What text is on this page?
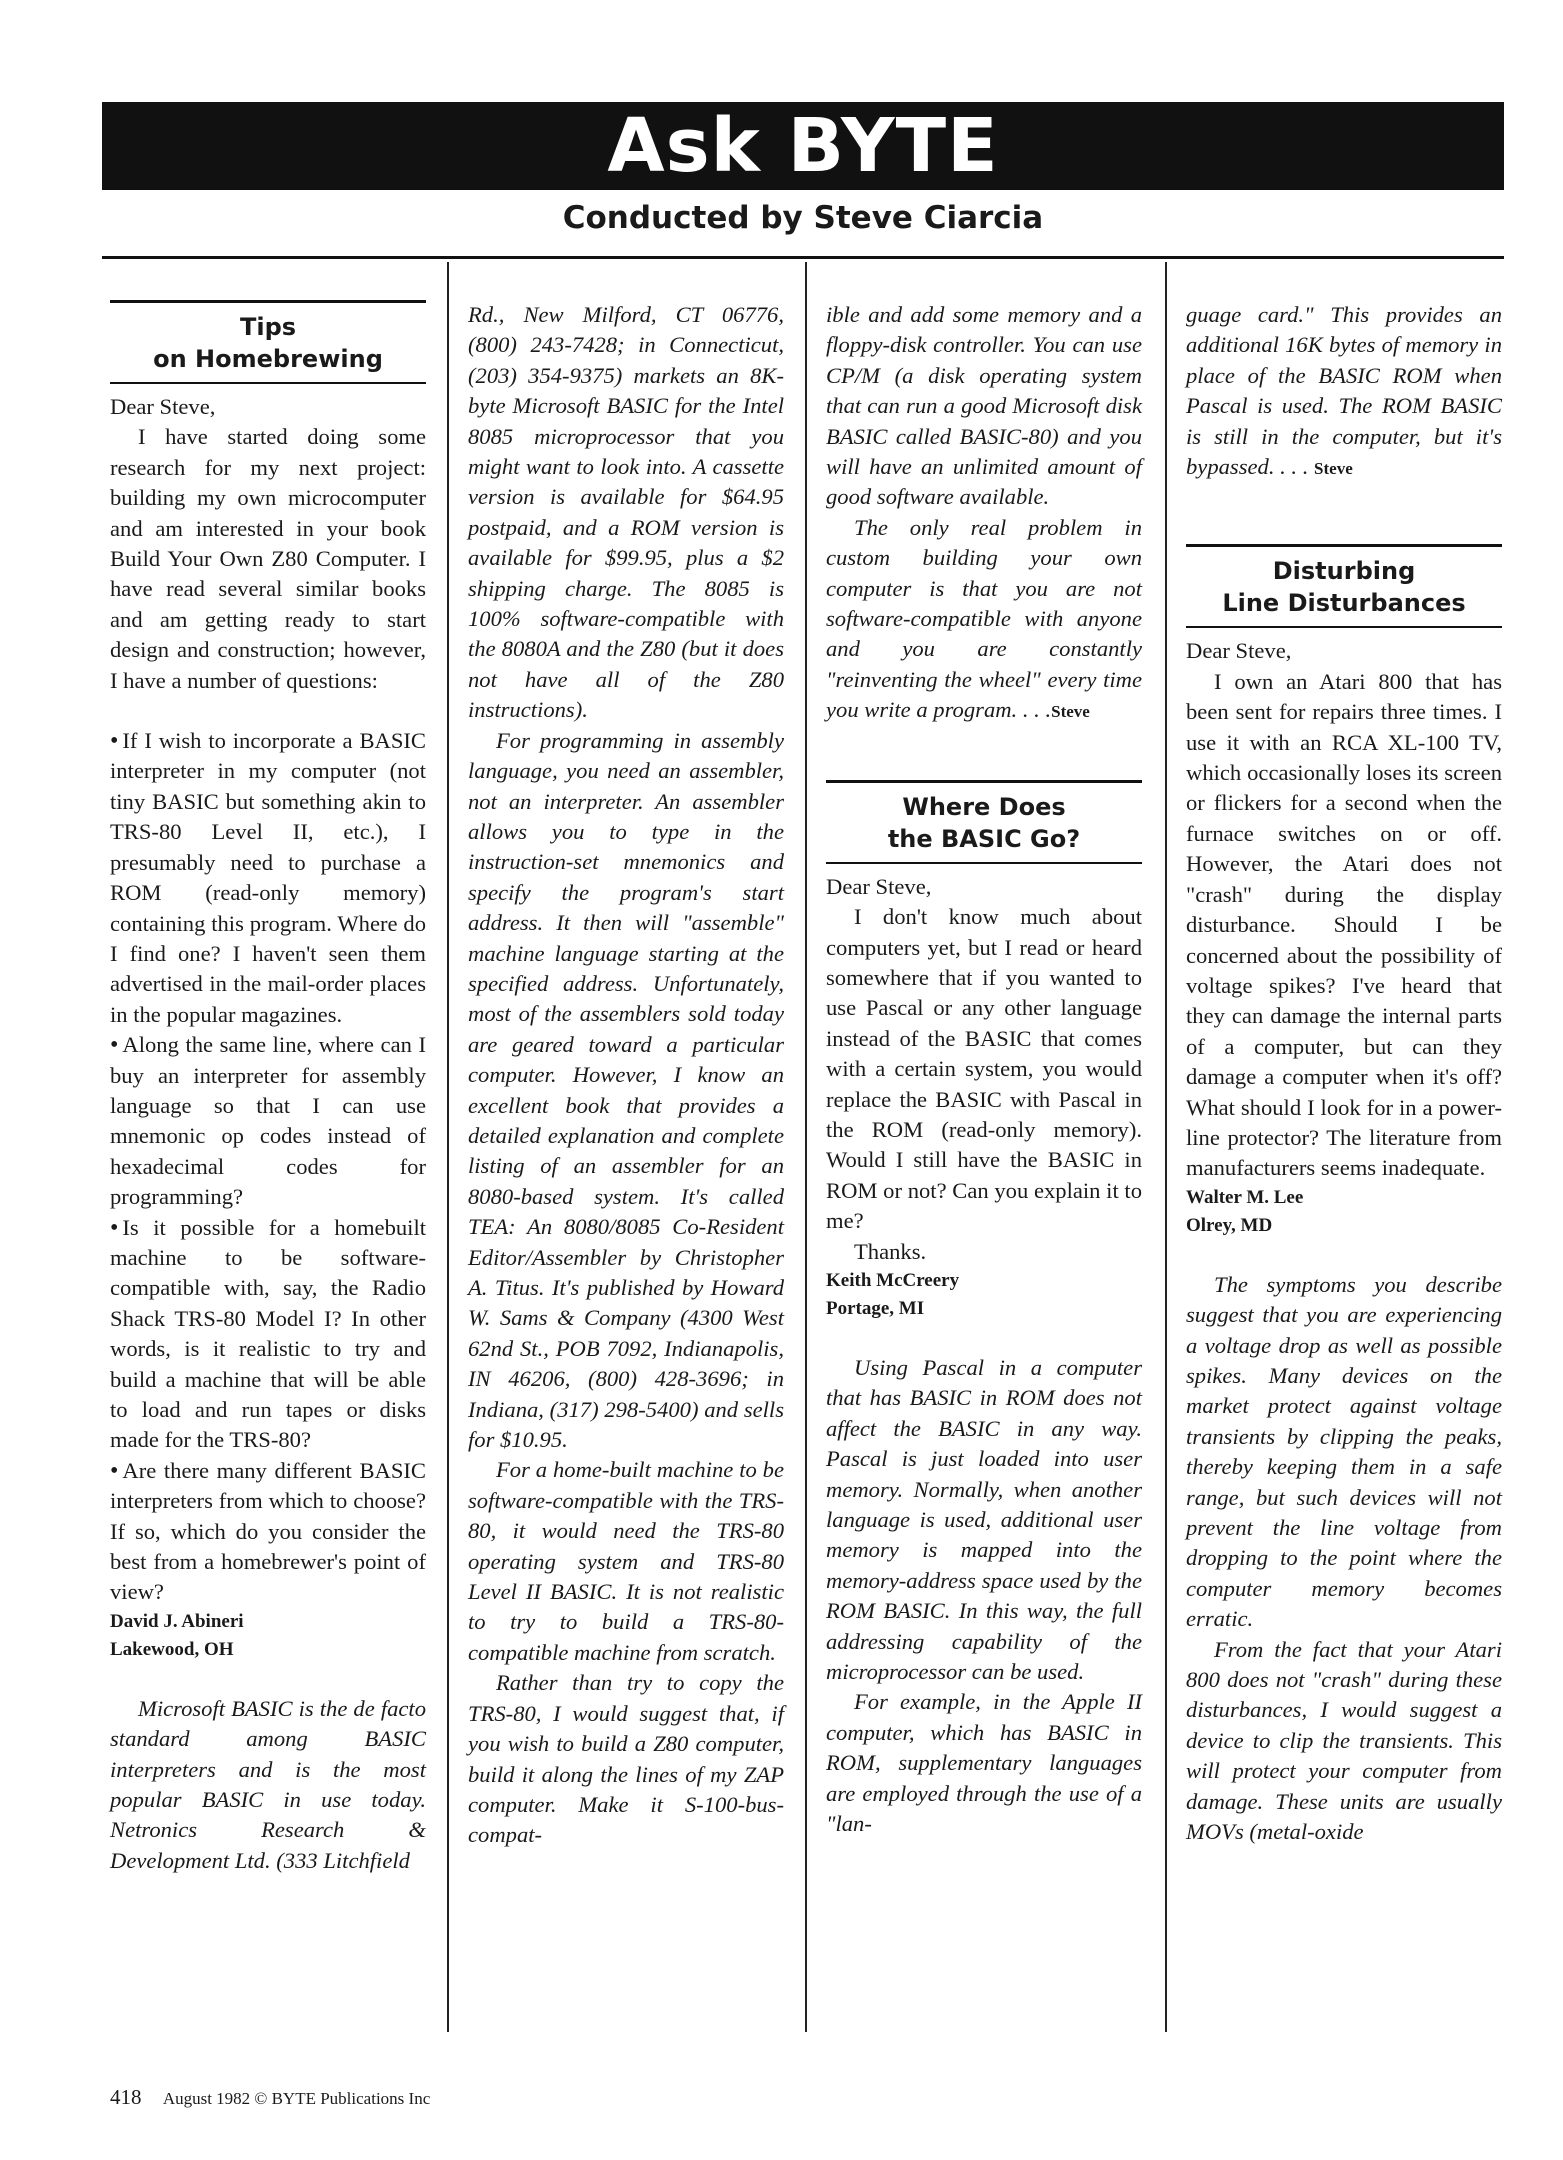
Ask BYTE
Conducted by Steve Ciarcia
Tips
on Homebrewing

Dear Steve,

I have started doing some research for my next project: building my own microcomputer and am interested in your book Build Your Own Z80 Computer. I have read several similar books and am getting ready to start design and construction; however, I have a number of questions:

• If I wish to incorporate a BASIC interpreter in my computer (not tiny BASIC but something akin to TRS-80 Level II, etc.), I presumably need to purchase a ROM (read-only memory) containing this program. Where do I find one? I haven't seen them advertised in the mail-order places in the popular magazines.

• Along the same line, where can I buy an interpreter for assembly language so that I can use mnemonic op codes instead of hexadecimal codes for programming?

• Is it possible for a homebuilt machine to be software-compatible with, say, the Radio Shack TRS-80 Model I? In other words, is it realistic to try and build a machine that will be able to load and run tapes or disks made for the TRS-80?

• Are there many different BASIC interpreters from which to choose? If so, which do you consider the best from a homebrewer's point of view?

David J. Abineri

Lakewood, OH

Microsoft BASIC is the de facto standard among BASIC interpreters and is the most popular BASIC in use today. Netronics Research & Development Ltd. (333 Litchfield

Rd., New Milford, CT 06776, (800) 243-7428; in Connecticut, (203) 354-9375) markets an 8K-byte Microsoft BASIC for the Intel 8085 microprocessor that you might want to look into. A cassette version is available for $64.95 postpaid, and a ROM version is available for $99.95, plus a $2 shipping charge. The 8085 is 100% software-compatible with the 8080A and the Z80 (but it does not have all of the Z80 instructions).

For programming in assembly language, you need an assembler, not an interpreter. An assembler allows you to type in the instruction-set mnemonics and specify the program's start address. It then will "assemble" machine language starting at the specified address. Unfortunately, most of the assemblers sold today are geared toward a particular computer. However, I know an excellent book that provides a detailed explanation and complete listing of an assembler for an 8080-based system. It's called TEA: An 8080/8085 Co-Resident Editor/Assembler by Christopher A. Titus. It's published by Howard W. Sams & Company (4300 West 62nd St., POB 7092, Indianapolis, IN 46206, (800) 428-3696; in Indiana, (317) 298-5400) and sells for $10.95.

For a home-built machine to be software-compatible with the TRS-80, it would need the TRS-80 operating system and TRS-80 Level II BASIC. It is not realistic to try to build a TRS-80-compatible machine from scratch.

Rather than try to copy the TRS-80, I would suggest that, if you wish to build a Z80 computer, build it along the lines of my ZAP computer. Make it S-100-bus-compat-

ible and add some memory and a floppy-disk controller. You can use CP/M (a disk operating system that can run a good Microsoft disk BASIC called BASIC-80) and you will have an unlimited amount of good software available.

The only real problem in custom building your own computer is that you are not software-compatible with anyone and you are constantly "reinventing the wheel" every time you write a program. . . .Steve

Where Does
the BASIC Go?

Dear Steve,

I don't know much about computers yet, but I read or heard somewhere that if you wanted to use Pascal or any other language instead of the BASIC that comes with a certain system, you would replace the BASIC with Pascal in the ROM (read-only memory). Would I still have the BASIC in ROM or not? Can you explain it to me?

Thanks.

Keith McCreery

Portage, MI

Using Pascal in a computer that has BASIC in ROM does not affect the BASIC in any way. Pascal is just loaded into user memory. Normally, when another language is used, additional user memory is mapped into the memory-address space used by the ROM BASIC. In this way, the full addressing capability of the microprocessor can be used.

For example, in the Apple II computer, which has BASIC in ROM, supplementary languages are employed through the use of a "lan-

guage card." This provides an additional 16K bytes of memory in place of the BASIC ROM when Pascal is used. The ROM BASIC is still in the computer, but it's bypassed. . . . Steve

Disturbing
Line Disturbances

Dear Steve,

I own an Atari 800 that has been sent for repairs three times. I use it with an RCA XL-100 TV, which occasionally loses its screen or flickers for a second when the furnace switches on or off. However, the Atari does not "crash" during the display disturbance. Should I be concerned about the possibility of voltage spikes? I've heard that they can damage the internal parts of a computer, but can they damage a computer when it's off? What should I look for in a power-line protector? The literature from manufacturers seems inadequate.

Walter M. Lee

Olrey, MD

The symptoms you describe suggest that you are experiencing a voltage drop as well as possible spikes. Many devices on the market protect against voltage transients by clipping the peaks, thereby keeping them in a safe range, but such devices will not prevent the line voltage from dropping to the point where the computer memory becomes erratic.

From the fact that your Atari 800 does not "crash" during these disturbances, I would suggest a device to clip the transients. This will protect your computer from damage. These units are usually MOVs (metal-oxide

418 August 1982 © BYTE Publications Inc
